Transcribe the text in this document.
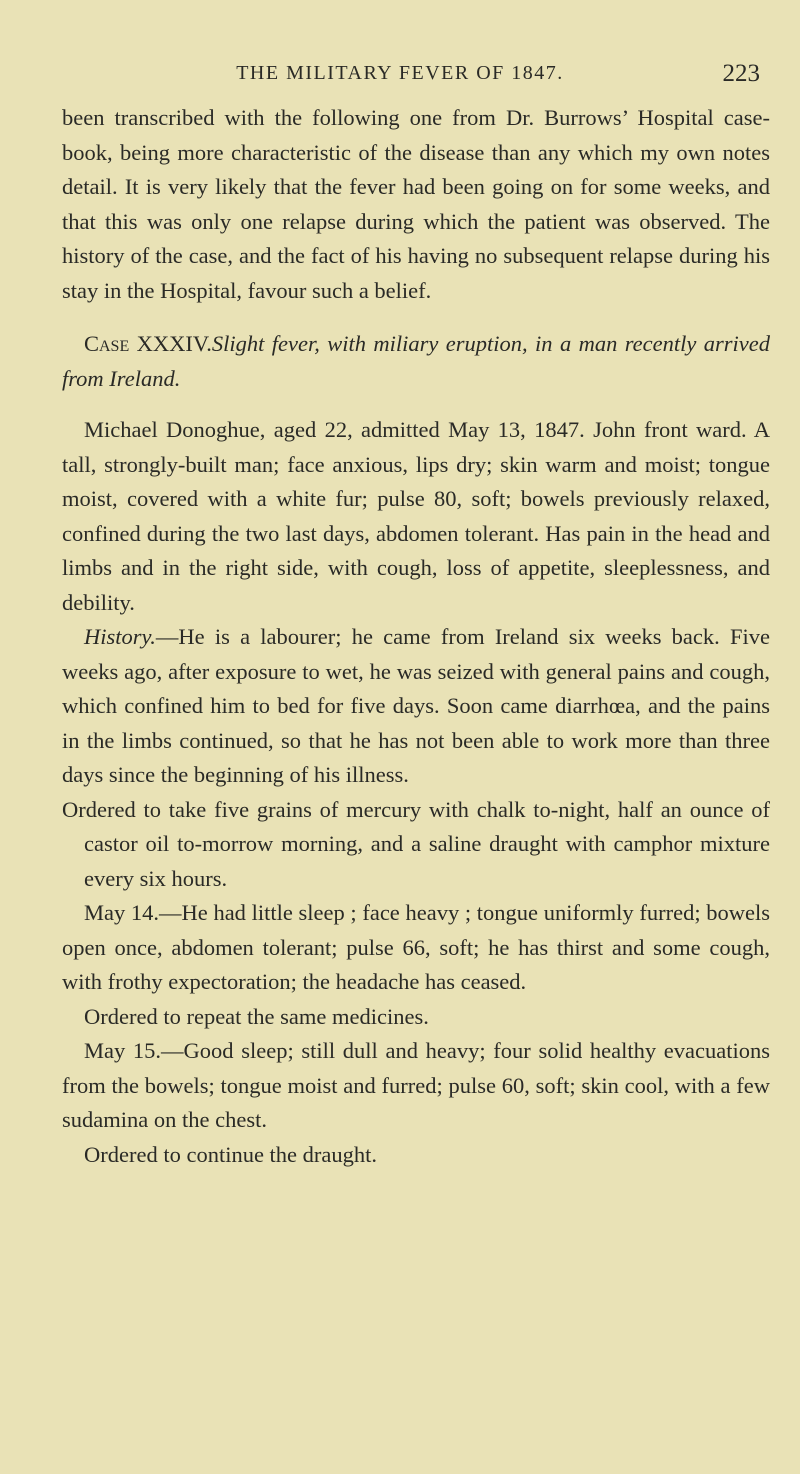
THE MILITARY FEVER OF 1847.	223

been transcribed with the following one from Dr. Burrows’ Hospital case-book, being more characteristic of the disease than any which my own notes detail. It is very likely that the fever had been going on for some weeks, and that this was only one relapse during which the patient was observed. The history of the case, and the fact of his having no subsequent relapse during his stay in the Hospital, favour such a belief.

Case XXXIV.Slight fever, with miliary eruption, in a man recently arrived from Ireland.

Michael Donoghue, aged 22, admitted May 13, 1847. John front ward. A tall, strongly-built man; face anxious, lips dry; skin warm and moist; tongue moist, covered with a white fur; pulse 80, soft; bowels previously relaxed, confined during the two last days, abdomen tolerant. Has pain in the head and limbs and in the right side, with cough, loss of appetite, sleeplessness, and debility.

History.—He is a labourer; he came from Ireland six weeks back. Five weeks ago, after exposure to wet, he was seized with general pains and cough, which confined him to bed for five days. Soon came diarrhœa, and the pains in the limbs continued, so that he has not been able to work more than three days since the beginning of his illness.

Ordered to take five grains of mercury with chalk to-night, half an ounce of castor oil to-morrow morning, and a saline draught with camphor mixture every six hours.

May 14.—He had little sleep ; face heavy ; tongue uniformly furred; bowels open once, abdomen tolerant; pulse 66, soft; he has thirst and some cough, with frothy expectoration; the headache has ceased.

Ordered to repeat the same medicines.

May 15.—Good sleep; still dull and heavy; four solid healthy evacuations from the bowels; tongue moist and furred; pulse 60, soft; skin cool, with a few sudamina on the chest.

Ordered to continue the draught.
